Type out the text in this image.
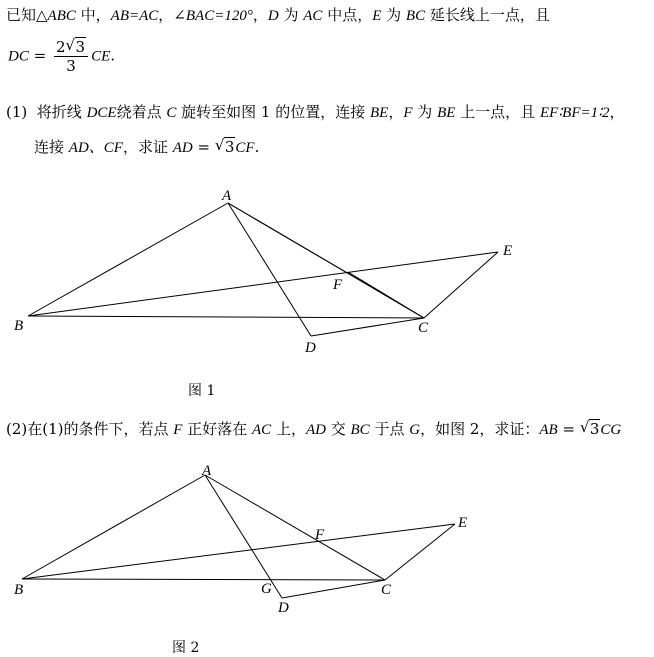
已知△ABC 中，AB=AC，∠BAC=120°，D 为 AC 中点，E 为 BC 延长线上一点，且
DC = $\frac{2√ 3}{3}$ CE.
(1) 将折线 DCE绕着点 C 旋转至如图 1 的位置，连接 BE，F 为 BE 上一点，且 EF∶BF=1∶2，
连接 AD、CF，求证 AD = √ 3CF.
A
B	C
D
E
F
A
B	C
D
E
F
G
图 1
(2)在(1)的条件下，若点 F 正好落在 AC 上，AD 交 BC 于点 G，如图 2，求证：AB = √ 3CG
图 2
